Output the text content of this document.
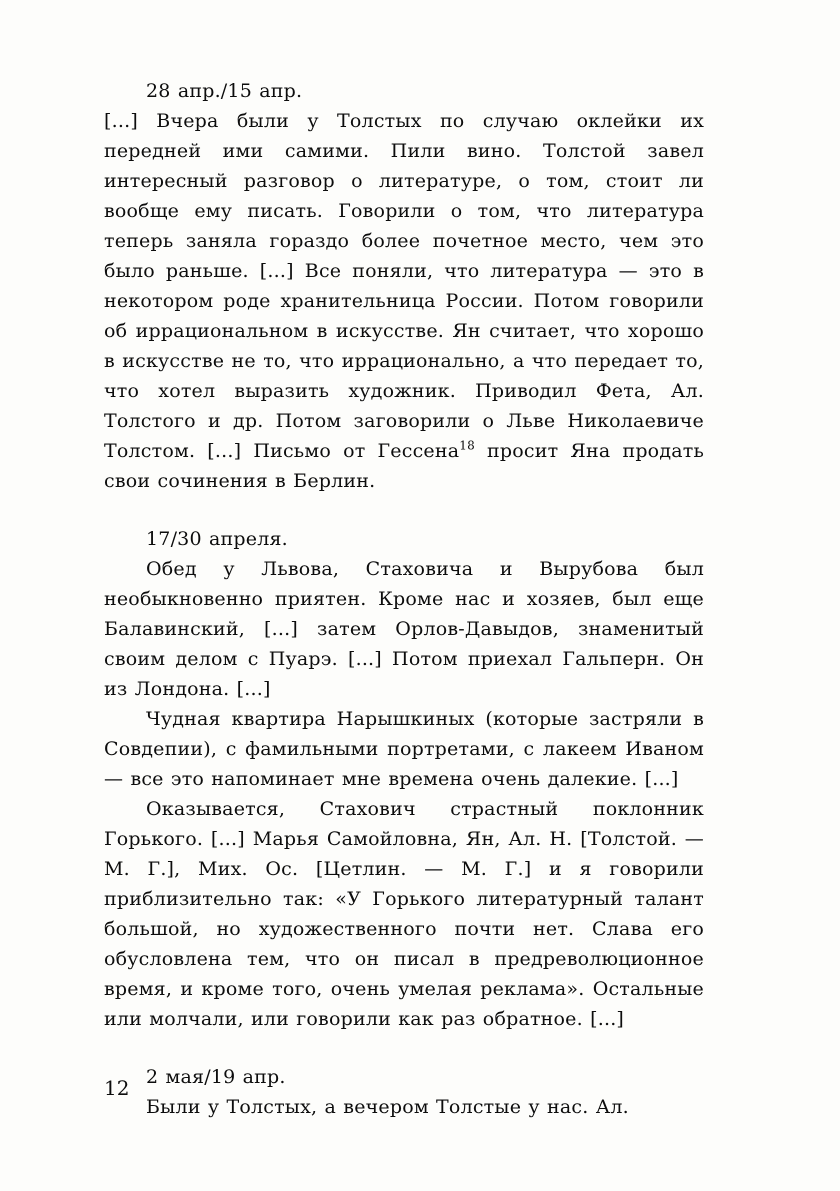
28 апр./15 апр.

[...] Вчера были у Толстых по случаю оклейки их передней ими самими. Пили вино. Толстой завел интересный разговор о литературе, о том, стоит ли вообще ему писать. Говорили о том, что литература теперь заняла гораздо более почетное место, чем это было раньше. [...] Все поняли, что литература — это в некотором роде хранительница России. Потом говорили об иррациональном в искусстве. Ян считает, что хорошо в искусстве не то, что иррационально, а что передает то, что хотел выразить художник. Приводил Фета, Ал. Толстого и др. Потом заговорили о Льве Николаевиче Толстом. [...] Письмо от Гессена$^{18}$ просит Яна продать свои сочинения в Берлин.

17/30 апреля.

Обед у Львова, Стаховича и Вырубова был необыкновенно приятен. Кроме нас и хозяев, был еще Балавинский, [...] затем Орлов-Давыдов, знаменитый своим делом с Пуарэ. [...] Потом приехал Гальперн. Он из Лондона. [...]

Чудная квартира Нарышкиных (которые застряли в Совдепии), с фамильными портретами, с лакеем Иваном — все это напоминает мне времена очень далекие. [...]

Оказывается, Стахович страстный поклонник Горького. [...] Марья Самойловна, Ян, Ал. Н. [Толстой. — М. Г.], Мих. Ос. [Цетлин. — М. Г.] и я говорили приблизительно так: «У Горького литературный талант большой, но художественного почти нет. Слава его обусловлена тем, что он писал в предреволюционное время, и кроме того, очень умелая реклама». Остальные или молчали, или говорили как раз обратное. [...]

2 мая/19 апр.

Были у Толстых, а вечером Толстые у нас. Ал.

12
